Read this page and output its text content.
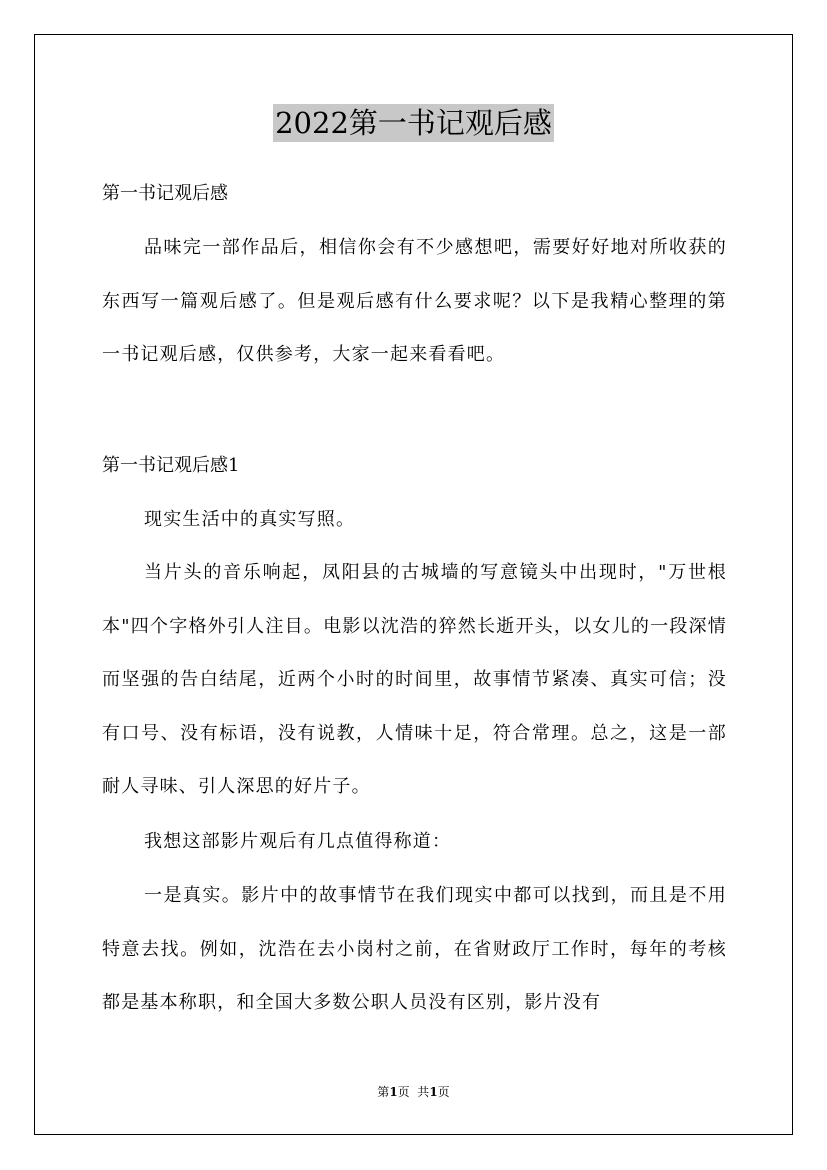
2022第一书记观后感

第一书记观后感

品味完一部作品后，相信你会有不少感想吧，需要好好地对所收获的东西写一篇观后感了。但是观后感有什么要求呢？以下是我精心整理的第一书记观后感，仅供参考，大家一起来看看吧。

第一书记观后感1

现实生活中的真实写照。

当片头的音乐响起，凤阳县的古城墙的写意镜头中出现时，"万世根本"四个字格外引人注目。电影以沈浩的猝然长逝开头，以女儿的一段深情而坚强的告白结尾，近两个小时的时间里，故事情节紧凑、真实可信；没有口号、没有标语，没有说教，人情味十足，符合常理。总之，这是一部耐人寻味、引人深思的好片子。

我想这部影片观后有几点值得称道：

一是真实。影片中的故事情节在我们现实中都可以找到，而且是不用特意去找。例如，沈浩在去小岗村之前，在省财政厅工作时，每年的考核都是基本称职，和全国大多数公职人员没有区别，影片没有

第1页  共1页
